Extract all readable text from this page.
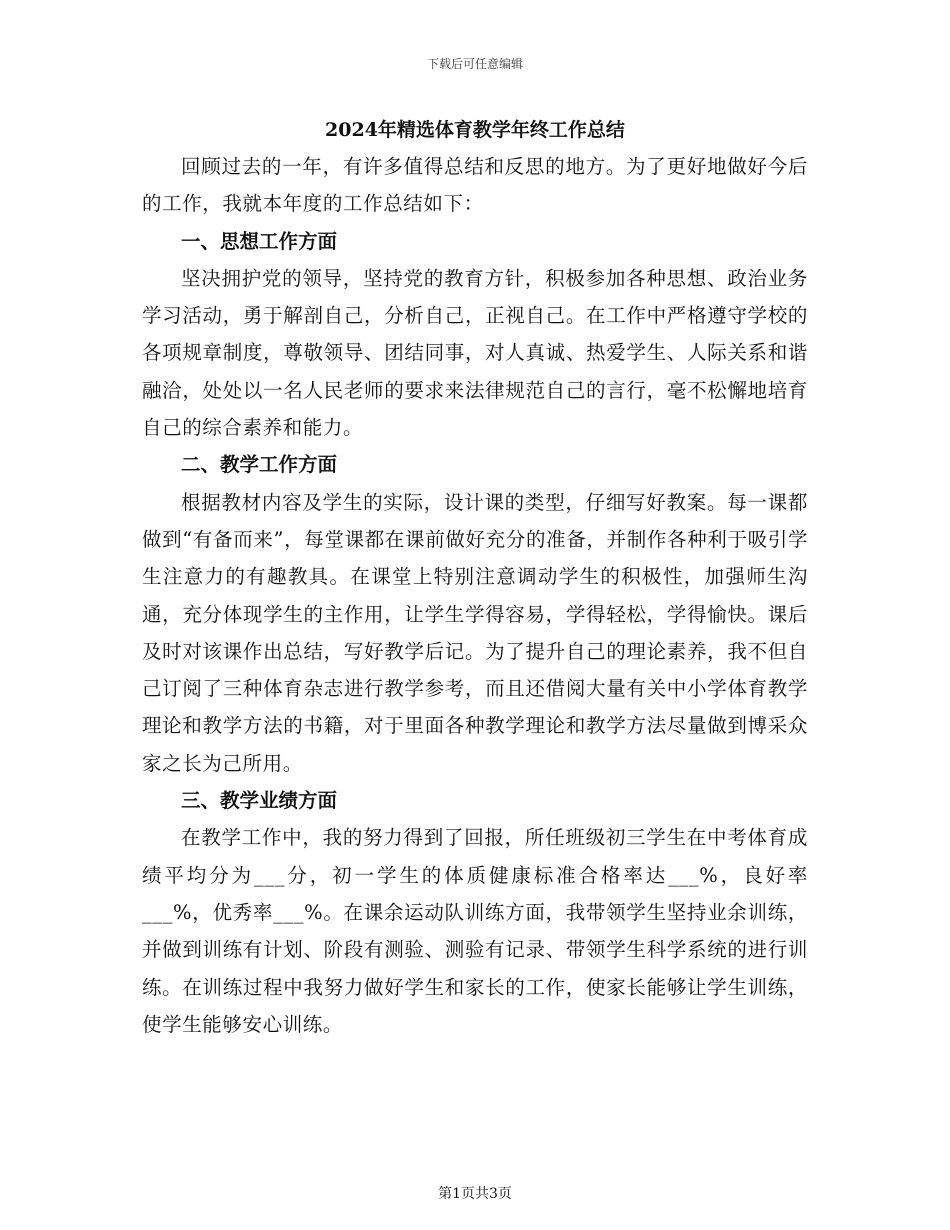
下载后可任意编辑
2024年精选体育教学年终工作总结

回顾过去的一年，有许多值得总结和反思的地方。为了更好地做好今后的工作，我就本年度的工作总结如下：

一、思想工作方面

坚决拥护党的领导，坚持党的教育方针，积极参加各种思想、政治业务学习活动，勇于解剖自己，分析自己，正视自己。在工作中严格遵守学校的各项规章制度，尊敬领导、团结同事，对人真诚、热爱学生、人际关系和谐融洽，处处以一名人民老师的要求来法律规范自己的言行，毫不松懈地培育自己的综合素养和能力。

二、教学工作方面

根据教材内容及学生的实际，设计课的类型，仔细写好教案。每一课都做到“有备而来”，每堂课都在课前做好充分的准备，并制作各种利于吸引学生注意力的有趣教具。在课堂上特别注意调动学生的积极性，加强师生沟通，充分体现学生的主作用，让学生学得容易，学得轻松，学得愉快。课后及时对该课作出总结，写好教学后记。为了提升自己的理论素养，我不但自己订阅了三种体育杂志进行教学参考，而且还借阅大量有关中小学体育教学理论和教学方法的书籍，对于里面各种教学理论和教学方法尽量做到博采众家之长为己所用。

三、教学业绩方面

在教学工作中，我的努力得到了回报，所任班级初三学生在中考体育成绩平均分为___分，初一学生的体质健康标准合格率达___%，良好率___%，优秀率___%。在课余运动队训练方面，我带领学生坚持业余训练，并做到训练有计划、阶段有测验、测验有记录、带领学生科学系统的进行训练。在训练过程中我努力做好学生和家长的工作，使家长能够让学生训练，使学生能够安心训练。

第1页共3页
